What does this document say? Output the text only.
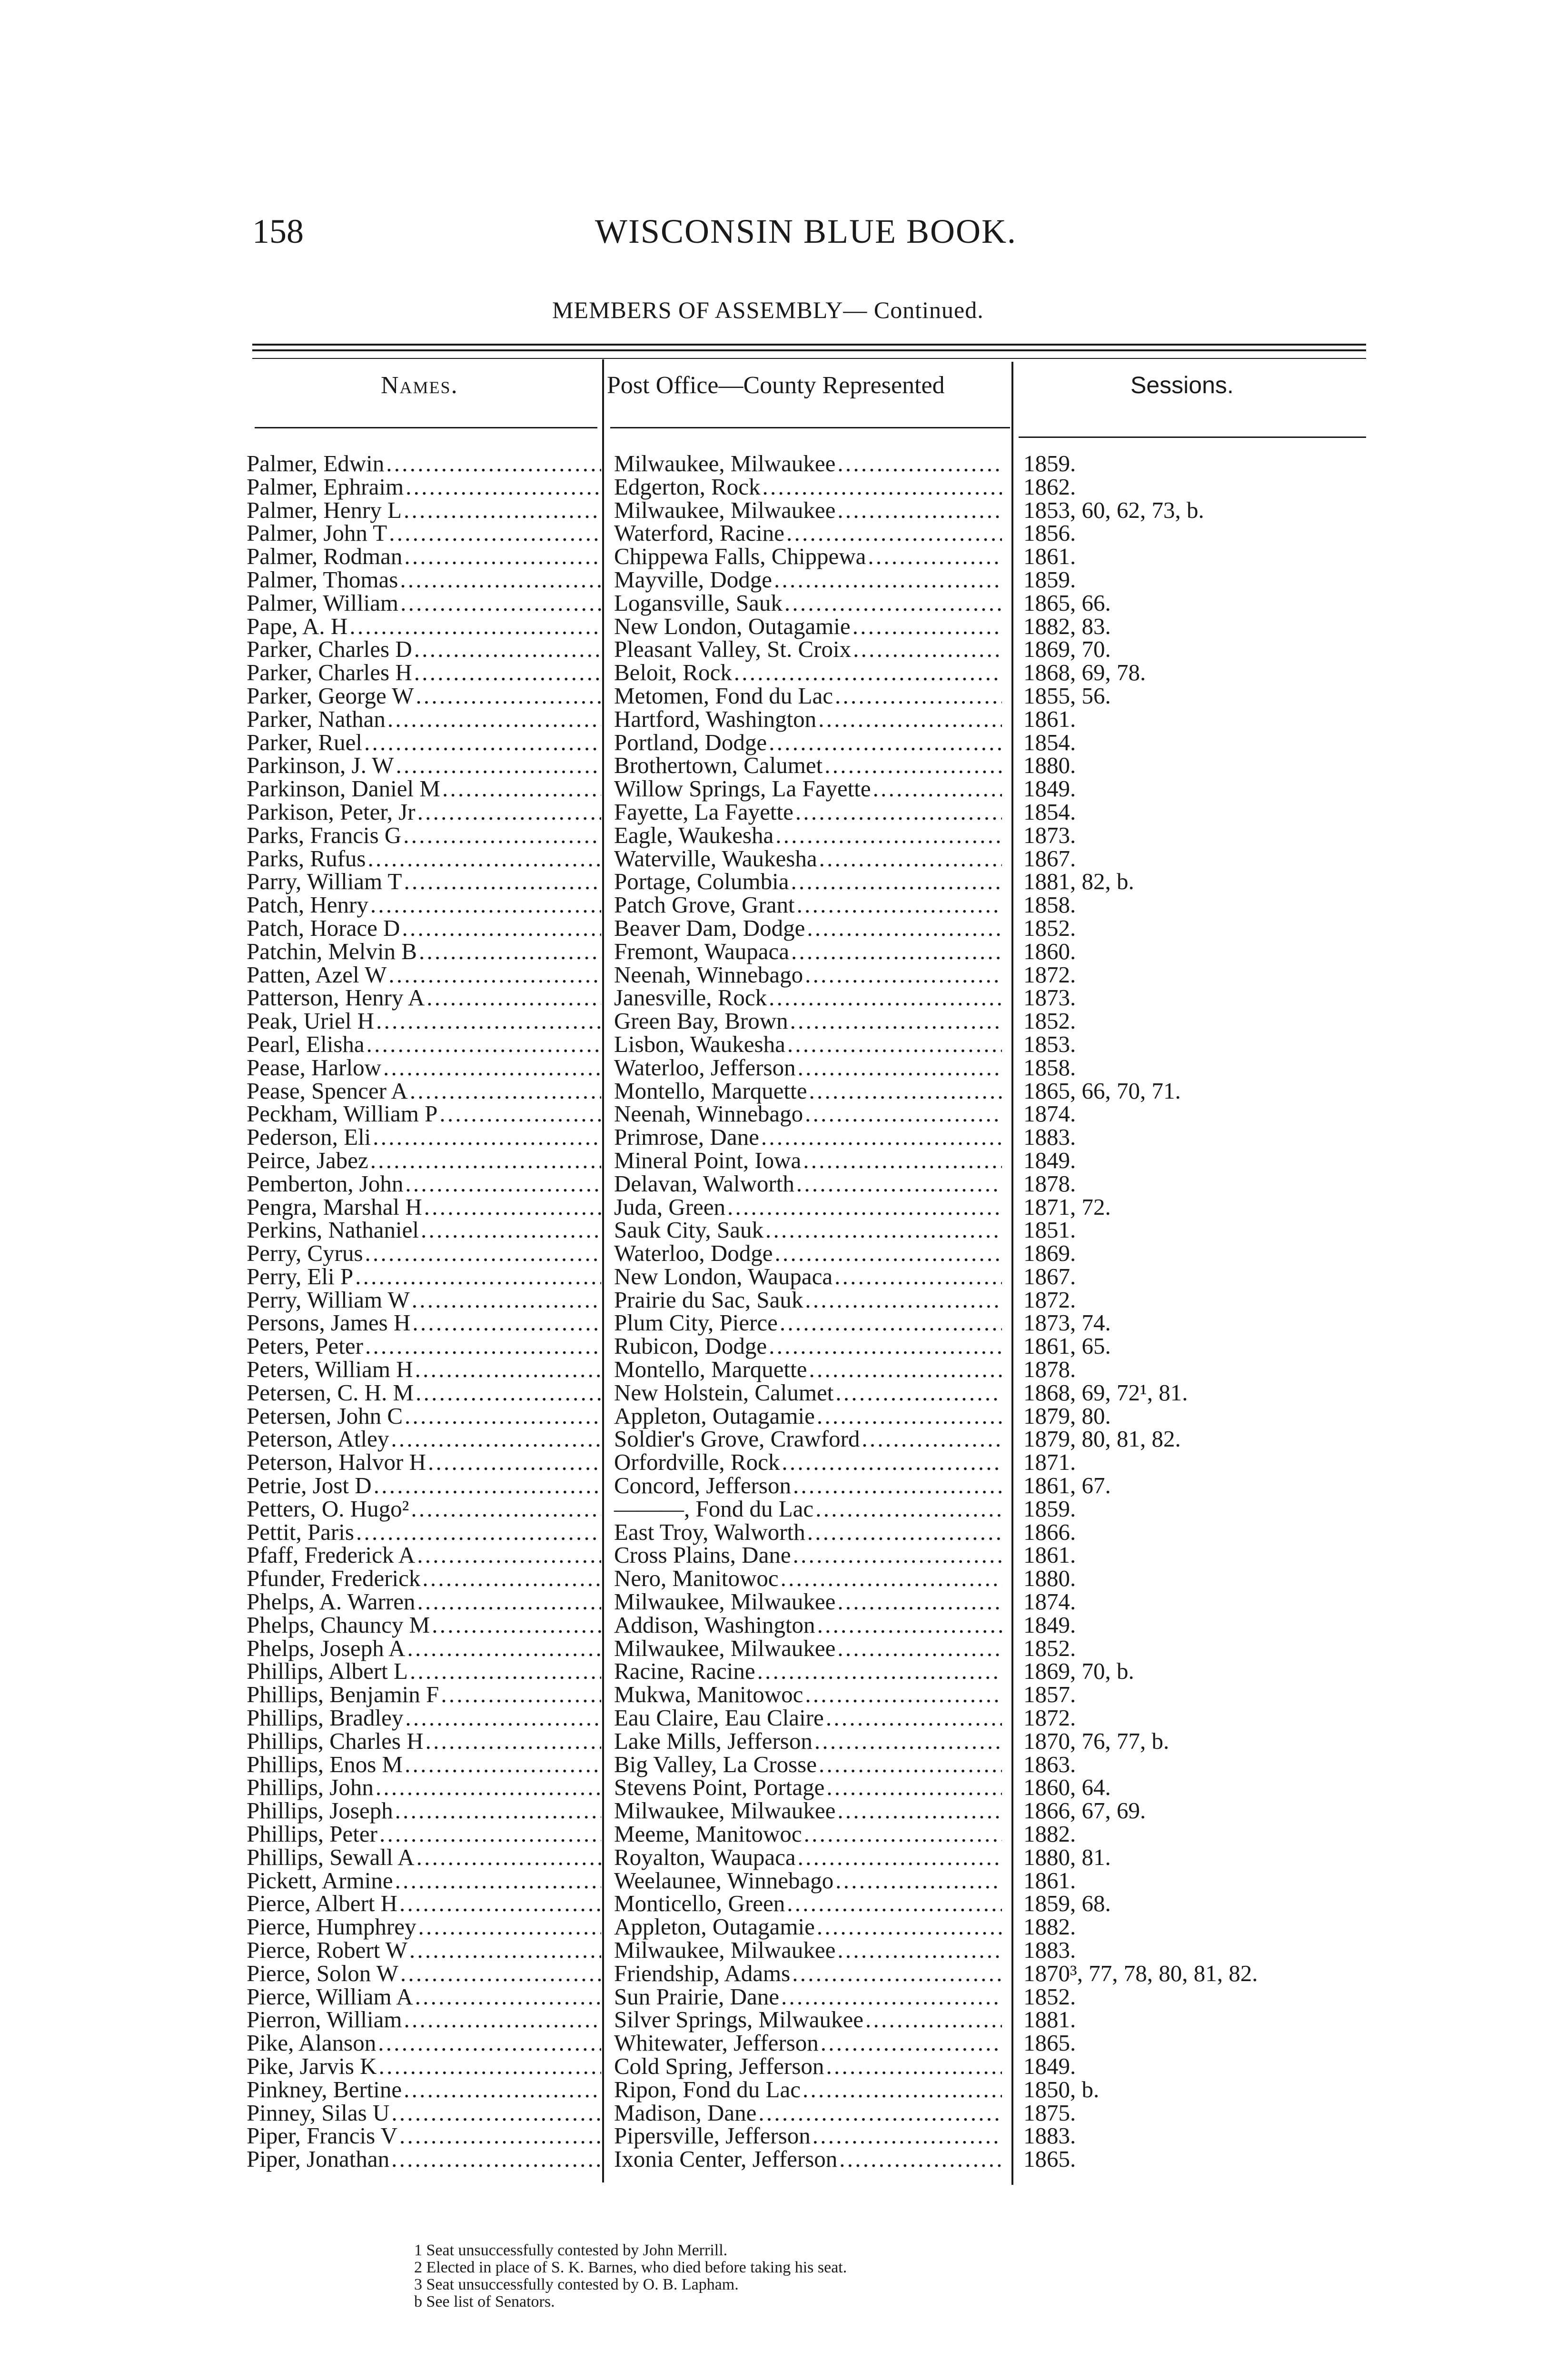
158	WISCONSIN BLUE BOOK.
MEMBERS OF ASSEMBLY— Continued.
Names.	Post Office—County Represented	Sessions.
Palmer, Edwin . . .	Milwaukee, Milwaukee . . .	1859.
Palmer, Ephraim . . .	Edgerton, Rock . . .	1862.
Palmer, Henry L . . .	Milwaukee, Milwaukee . . .	1853, 60, 62, 73, b.
Palmer, John T . . .	Waterford, Racine . . .	1856.
Palmer, Rodman . . .	Chippewa Falls, Chippewa . . .	1861.
Palmer, Thomas . . .	Mayville, Dodge . . .	1859.
Palmer, William . . .	Logansville, Sauk . . .	1865, 66.
Pape, A. H . . .	New London, Outagamie . . .	1882, 83.
Parker, Charles D . . .	Pleasant Valley, St. Croix . . .	1869, 70.
Parker, Charles H . . .	Beloit, Rock . . .	1868, 69, 78.
Parker, George W . . .	Metomen, Fond du Lac . . .	1855, 56.
Parker, Nathan . . .	Hartford, Washington . . .	1861.
Parker, Ruel . . .	Portland, Dodge . . .	1854.
Parkinson, J. W . . .	Brothertown, Calumet . . .	1880.
Parkinson, Daniel M . . .	Willow Springs, La Fayette . . .	1849.
Parkison, Peter, Jr . . .	Fayette, La Fayette . . .	1854.
Parks, Francis G . . .	Eagle, Waukesha . . .	1873.
Parks, Rufus . . .	Waterville, Waukesha . . .	1867.
Parry, William T . . .	Portage, Columbia . . .	1881, 82, b.
Patch, Henry . . .	Patch Grove, Grant . . .	1858.
Patch, Horace D . . .	Beaver Dam, Dodge . . .	1852.
Patchin, Melvin B . . .	Fremont, Waupaca . . .	1860.
Patten, Azel W . . .	Neenah, Winnebago . . .	1872.
Patterson, Henry A . . .	Janesville, Rock . . .	1873.
Peak, Uriel H . . .	Green Bay, Brown . . .	1852.
Pearl, Elisha . . .	Lisbon, Waukesha . . .	1853.
Pease, Harlow . . .	Waterloo, Jefferson . . .	1858.
Pease, Spencer A . . .	Montello, Marquette . . .	1865, 66, 70, 71.
Peckham, William P . . .	Neenah, Winnebago . . .	1874.
Pederson, Eli . . .	Primrose, Dane . . .	1883.
Peirce, Jabez . . .	Mineral Point, Iowa . . .	1849.
Pemberton, John . . .	Delavan, Walworth . . .	1878.
Pengra, Marshal H . . .	Juda, Green . . .	1871, 72.
Perkins, Nathaniel . . .	Sauk City, Sauk . . .	1851.
Perry, Cyrus . . .	Waterloo, Dodge . . .	1869.
Perry, Eli P . . .	New London, Waupaca . . .	1867.
Perry, William W . . .	Prairie du Sac, Sauk . . .	1872.
Persons, James H . . .	Plum City, Pierce . . .	1873, 74.
Peters, Peter . . .	Rubicon, Dodge . . .	1861, 65.
Peters, William H . . .	Montello, Marquette . . .	1878.
Petersen, C. H. M . . .	New Holstein, Calumet . . .	1868, 69, 72¹, 81.
Petersen, John C . . .	Appleton, Outagamie . . .	1879, 80.
Peterson, Atley . . .	Soldier's Grove, Crawford . . .	1879, 80, 81, 82.
Peterson, Halvor H . . .	Orfordville, Rock . . .	1871.
Petrie, Jost D . . .	Concord, Jefferson . . .	1861, 67.
Petters, O. Hugo² . . .	———, Fond du Lac . . .	1859.
Pettit, Paris . . .	East Troy, Walworth . . .	1866.
Pfaff, Frederick A . . .	Cross Plains, Dane . . .	1861.
Pfunder, Frederick . . .	Nero, Manitowoc . . .	1880.
Phelps, A. Warren . . .	Milwaukee, Milwaukee . . .	1874.
Phelps, Chauncy M . . .	Addison, Washington . . .	1849.
Phelps, Joseph A . . .	Milwaukee, Milwaukee . . .	1852.
Phillips, Albert L . . .	Racine, Racine . . .	1869, 70, b.
Phillips, Benjamin F . . .	Mukwa, Manitowoc . . .	1857.
Phillips, Bradley . . .	Eau Claire, Eau Claire . . .	1872.
Phillips, Charles H . . .	Lake Mills, Jefferson . . .	1870, 76, 77, b.
Phillips, Enos M . . .	Big Valley, La Crosse . . .	1863.
Phillips, John . . .	Stevens Point, Portage . . .	1860, 64.
Phillips, Joseph . . .	Milwaukee, Milwaukee . . .	1866, 67, 69.
Phillips, Peter . . .	Meeme, Manitowoc . . .	1882.
Phillips, Sewall A . . .	Royalton, Waupaca . . .	1880, 81.
Pickett, Armine . . .	Weelaunee, Winnebago . . .	1861.
Pierce, Albert H . . .	Monticello, Green . . .	1859, 68.
Pierce, Humphrey . . .	Appleton, Outagamie . . .	1882.
Pierce, Robert W . . .	Milwaukee, Milwaukee . . .	1883.
Pierce, Solon W . . .	Friendship, Adams . . .	1870³, 77, 78, 80, 81, 82.
Pierce, William A . . .	Sun Prairie, Dane . . .	1852.
Pierron, William . . .	Silver Springs, Milwaukee . . .	1881.
Pike, Alanson . . .	Whitewater, Jefferson . . .	1865.
Pike, Jarvis K . . .	Cold Spring, Jefferson . . .	1849.
Pinkney, Bertine . . .	Ripon, Fond du Lac . . .	1850, b.
Pinney, Silas U . . .	Madison, Dane . . .	1875.
Piper, Francis V . . .	Pipersville, Jefferson . . .	1883.
Piper, Jonathan . . .	Ixonia Center, Jefferson . . .	1865.
1 Seat unsuccessfully contested by John Merrill.
2 Elected in place of S. K. Barnes, who died before taking his seat.
3 Seat unsuccessfully contested by O. B. Lapham.
b See list of Senators.
